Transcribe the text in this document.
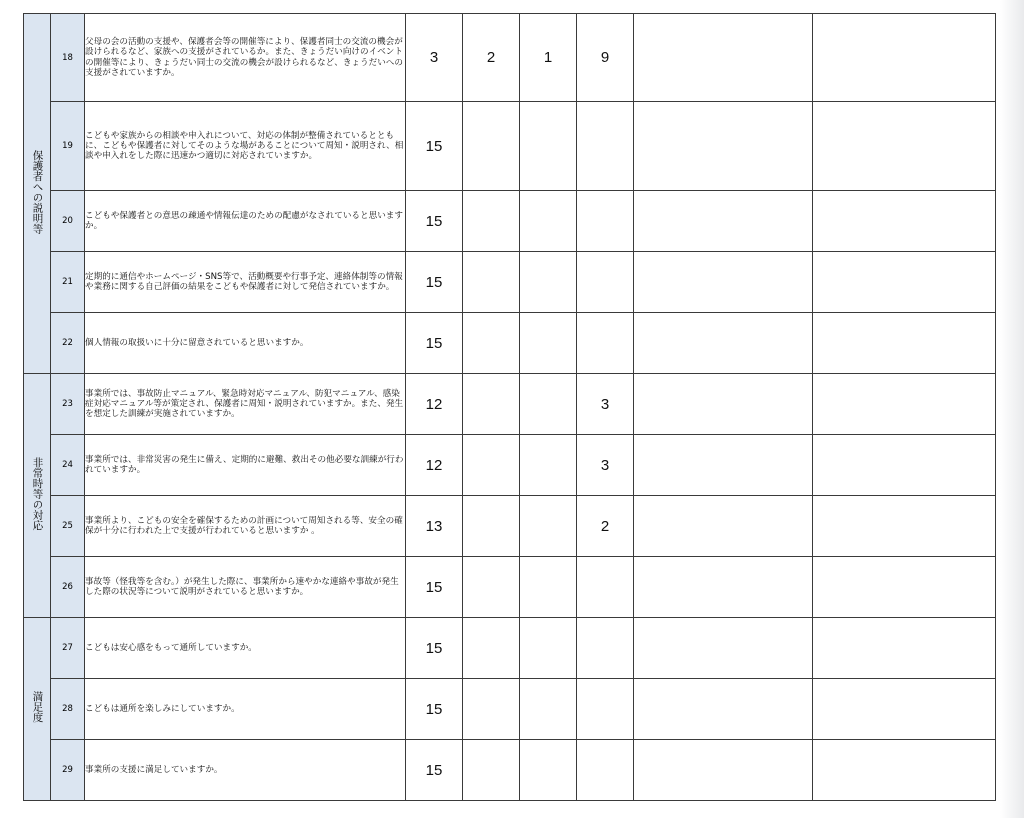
保護者への説明等	18	父母の会の活動の支援や、保護者会等の開催等により、保護者同士の交流の機会が設けられるなど、家族への支援がされているか。また、きょうだい向けのイベントの開催等により、きょうだい同士の交流の機会が設けられるなど、きょうだいへの支援がされていますか。	3	2	1	9		
	19	こどもや家族からの相談や申入れについて、対応の体制が整備されているとともに、こどもや保護者に対してそのような場があることについて周知・説明され、相談や申入れをした際に迅速かつ適切に対応されていますか。	15					
	20	こどもや保護者との意思の疎通や情報伝達のための配慮がなされていると思いますか。	15					
	21	定期的に通信やホームページ・SNS等で、活動概要や行事予定、連絡体制等の情報や業務に関する自己評価の結果をこどもや保護者に対して発信されていますか。	15					
	22	個人情報の取扱いに十分に留意されていると思いますか。	15					
非常時等の対応	23	事業所では、事故防止マニュアル、緊急時対応マニュアル、防犯マニュアル、感染症対応マニュアル等が策定され、保護者に周知・説明されていますか。また、発生を想定した訓練が実施されていますか。	12			3		
	24	事業所では、非常災害の発生に備え、定期的に避難、救出その他必要な訓練が行われていますか。	12			3		
	25	事業所より、こどもの安全を確保するための計画について周知される等、安全の確保が十分に行われた上で支援が行われていると思いますか 。	13			2		
	26	事故等（怪我等を含む。）が発生した際に、事業所から速やかな連絡や事故が発生した際の状況等について説明がされていると思いますか。	15					
満足度	27	こどもは安心感をもって通所していますか。	15					
	28	こどもは通所を楽しみにしていますか。	15					
	29	事業所の支援に満足していますか。	15					
